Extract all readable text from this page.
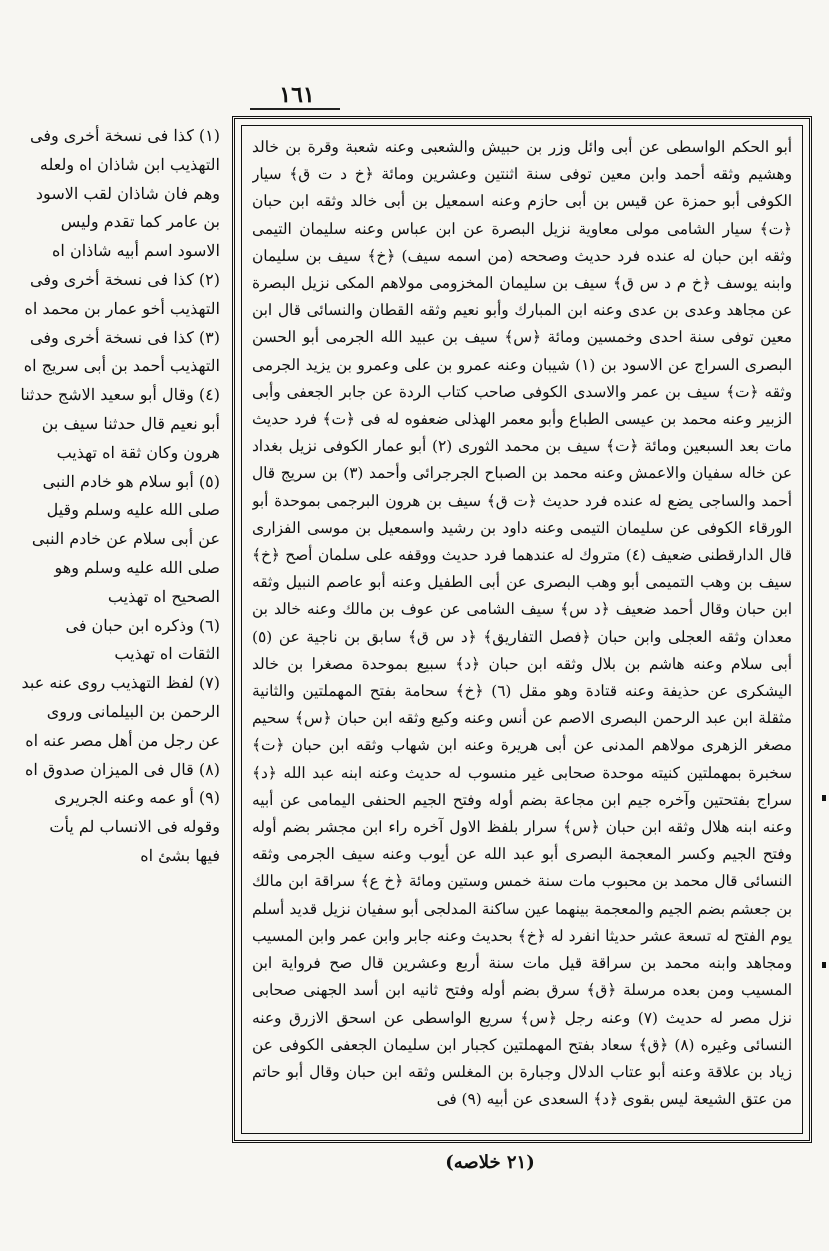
١٦١

أبو الحكم الواسطى عن أبى وائل وزر بن حبيش والشعبى وعنه شعبة وقرة بن خالد وهشيم وثقه أحمد وابن معين توفى سنة اثنتين وعشرين ومائة ﴿خ د ت ق﴾ سيار الكوفى أبو حمزة عن قيس بن أبى حازم وعنه اسمعيل بن أبى خالد وثقه ابن حبان ﴿ت﴾ سيار الشامى مولى معاوية نزيل البصرة عن ابن عباس وعنه سليمان التيمى وثقه ابن حبان له عنده فرد حديث وصححه (من اسمه سيف) ﴿خ﴾ سيف بن سليمان وابنه يوسف ﴿خ م د س ق﴾ سيف بن سليمان المخزومى مولاهم المكى نزيل البصرة عن مجاهد وعدى بن عدى وعنه ابن المبارك وأبو نعيم وثقه القطان والنسائى قال ابن معين توفى سنة احدى وخمسين ومائة ﴿س﴾ سيف بن عبيد الله الجرمى أبو الحسن البصرى السراج عن الاسود بن (١) شيبان وعنه عمرو بن على وعمرو بن يزيد الجرمى وثقه ﴿ت﴾ سيف بن عمر والاسدى الكوفى صاحب كتاب الردة عن جابر الجعفى وأبى الزبير وعنه محمد بن عيسى الطباع وأبو معمر الهذلى ضعفوه له فى ﴿ت﴾ فرد حديث مات بعد السبعين ومائة ﴿ت﴾ سيف بن محمد الثورى (٢) أبو عمار الكوفى نزيل بغداد عن خاله سفيان والاعمش وعنه محمد بن الصباح الجرجرائى وأحمد (٣) بن سريج قال أحمد والساجى يضع له عنده فرد حديث ﴿ت ق﴾ سيف بن هرون البرجمى بموحدة أبو الورقاء الكوفى عن سليمان التيمى وعنه داود بن رشيد واسمعيل بن موسى الفزارى قال الدارقطنى ضعيف (٤) متروك له عندهما فرد حديث ووقفه على سلمان أصح ﴿خ﴾ سيف بن وهب التميمى أبو وهب البصرى عن أبى الطفيل وعنه أبو عاصم النبيل وثقه ابن حبان وقال أحمد ضعيف ﴿د س﴾ سيف الشامى عن عوف بن مالك وعنه خالد بن معدان وثقه العجلى وابن حبان ﴿فصل التفاريق﴾ ﴿د س ق﴾ سابق بن ناجية عن (٥) أبى سلام وعنه هاشم بن بلال وثقه ابن حبان ﴿د﴾ سبيع بموحدة مصغرا بن خالد اليشكرى عن حذيفة وعنه قتادة وهو مقل (٦) ﴿خ﴾ سحامة بفتح المهملتين والثانية مثقلة ابن عبد الرحمن البصرى الاصم عن أنس وعنه وكيع وثقه ابن حبان ﴿س﴾ سحيم مصغر الزهرى مولاهم المدنى عن أبى هريرة وعنه ابن شهاب وثقه ابن حبان ﴿ت﴾ سخبرة بمهملتين كنيته موحدة صحابى غير منسوب له حديث وعنه ابنه عبد الله ﴿د﴾ سراج بفتحتين وآخره جيم ابن مجاعة بضم أوله وفتح الجيم الحنفى اليمامى عن أبيه وعنه ابنه هلال وثقه ابن حبان ﴿س﴾ سرار بلفظ الاول آخره راء ابن مجشر بضم أوله وفتح الجيم وكسر المعجمة البصرى أبو عبد الله عن أيوب وعنه سيف الجرمى وثقه النسائى قال محمد بن محبوب مات سنة خمس وستين ومائة ﴿خ ع﴾ سراقة ابن مالك بن جعشم بضم الجيم والمعجمة بينهما عين ساكنة المدلجى أبو سفيان نزيل قديد أسلم يوم الفتح له تسعة عشر حديثا انفرد له ﴿خ﴾ بحديث وعنه جابر وابن عمر وابن المسيب ومجاهد وابنه محمد بن سراقة قيل مات سنة أربع وعشرين قال صح فرواية ابن المسيب ومن بعده مرسلة ﴿ق﴾ سرق بضم أوله وفتح ثانيه ابن أسد الجهنى صحابى نزل مصر له حديث (٧) وعنه رجل ﴿س﴾ سريع الواسطى عن اسحق الازرق وعنه النسائى وغيره (٨) ﴿ق﴾ سعاد بفتح المهملتين كجبار ابن سليمان الجعفى الكوفى عن زياد بن علاقة وعنه أبو عتاب الدلال وجبارة بن المغلس وثقه ابن حبان وقال أبو حاتم من عتق الشيعة ليس بقوى ﴿د﴾ السعدى عن أبيه (٩) فى

(١) كذا فى نسخة أخرى وفى التهذيب ابن شاذان اه ولعله وهم فان شاذان لقب الاسود بن عامر كما تقدم وليس الاسود اسم أبيه شاذان اه

(٢) كذا فى نسخة أخرى وفى التهذيب أخو عمار بن محمد اه

(٣) كذا فى نسخة أخرى وفى التهذيب أحمد بن أبى سريج اه

(٤) وقال أبو سعيد الاشج حدثنا أبو نعيم قال حدثنا سيف بن هرون وكان ثقة اه تهذيب

(٥) أبو سلام هو خادم النبى صلى الله عليه وسلم وقيل عن أبى سلام عن خادم النبى صلى الله عليه وسلم وهو الصحيح اه تهذيب

(٦) وذكره ابن حبان فى الثقات اه تهذيب

(٧) لفظ التهذيب روى عنه عبد الرحمن بن البيلمانى وروى عن رجل من أهل مصر عنه اه

(٨) قال فى الميزان صدوق اه

(٩) أو عمه وعنه الجريرى وقوله فى الانساب لم يأت فيها بشئ اه

(٢١ خلاصه)
